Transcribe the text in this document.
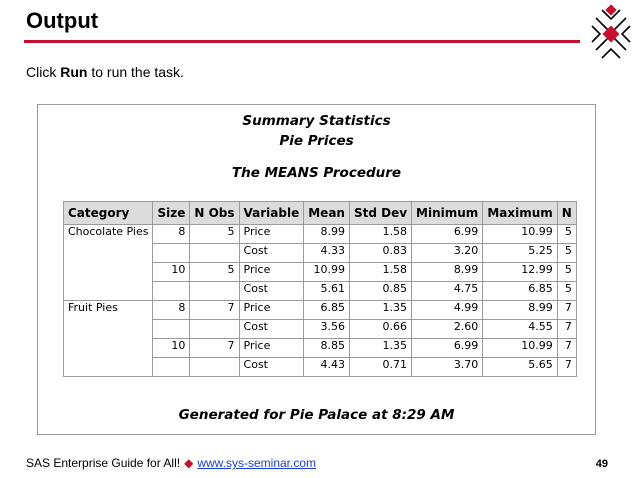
Output
Click Run to run the task.
Summary Statistics
Pie Prices
The MEANS Procedure
Category	Size	N Obs	Variable	Mean	Std Dev	Minimum	Maximum	N
Chocolate Pies	8	5	Price	8.99	1.58	6.99	10.99	5
			Cost	4.33	0.83	3.20	5.25	5
	10	5	Price	10.99	1.58	8.99	12.99	5
			Cost	5.61	0.85	4.75	6.85	5
Fruit Pies	8	7	Price	6.85	1.35	4.99	8.99	7
			Cost	3.56	0.66	2.60	4.55	7
	10	7	Price	8.85	1.35	6.99	10.99	7
			Cost	4.43	0.71	3.70	5.65	7
Generated for Pie Palace at 8:29 AM
SAS Enterprise Guide for All! ◆ www.sys-seminar.com	49
